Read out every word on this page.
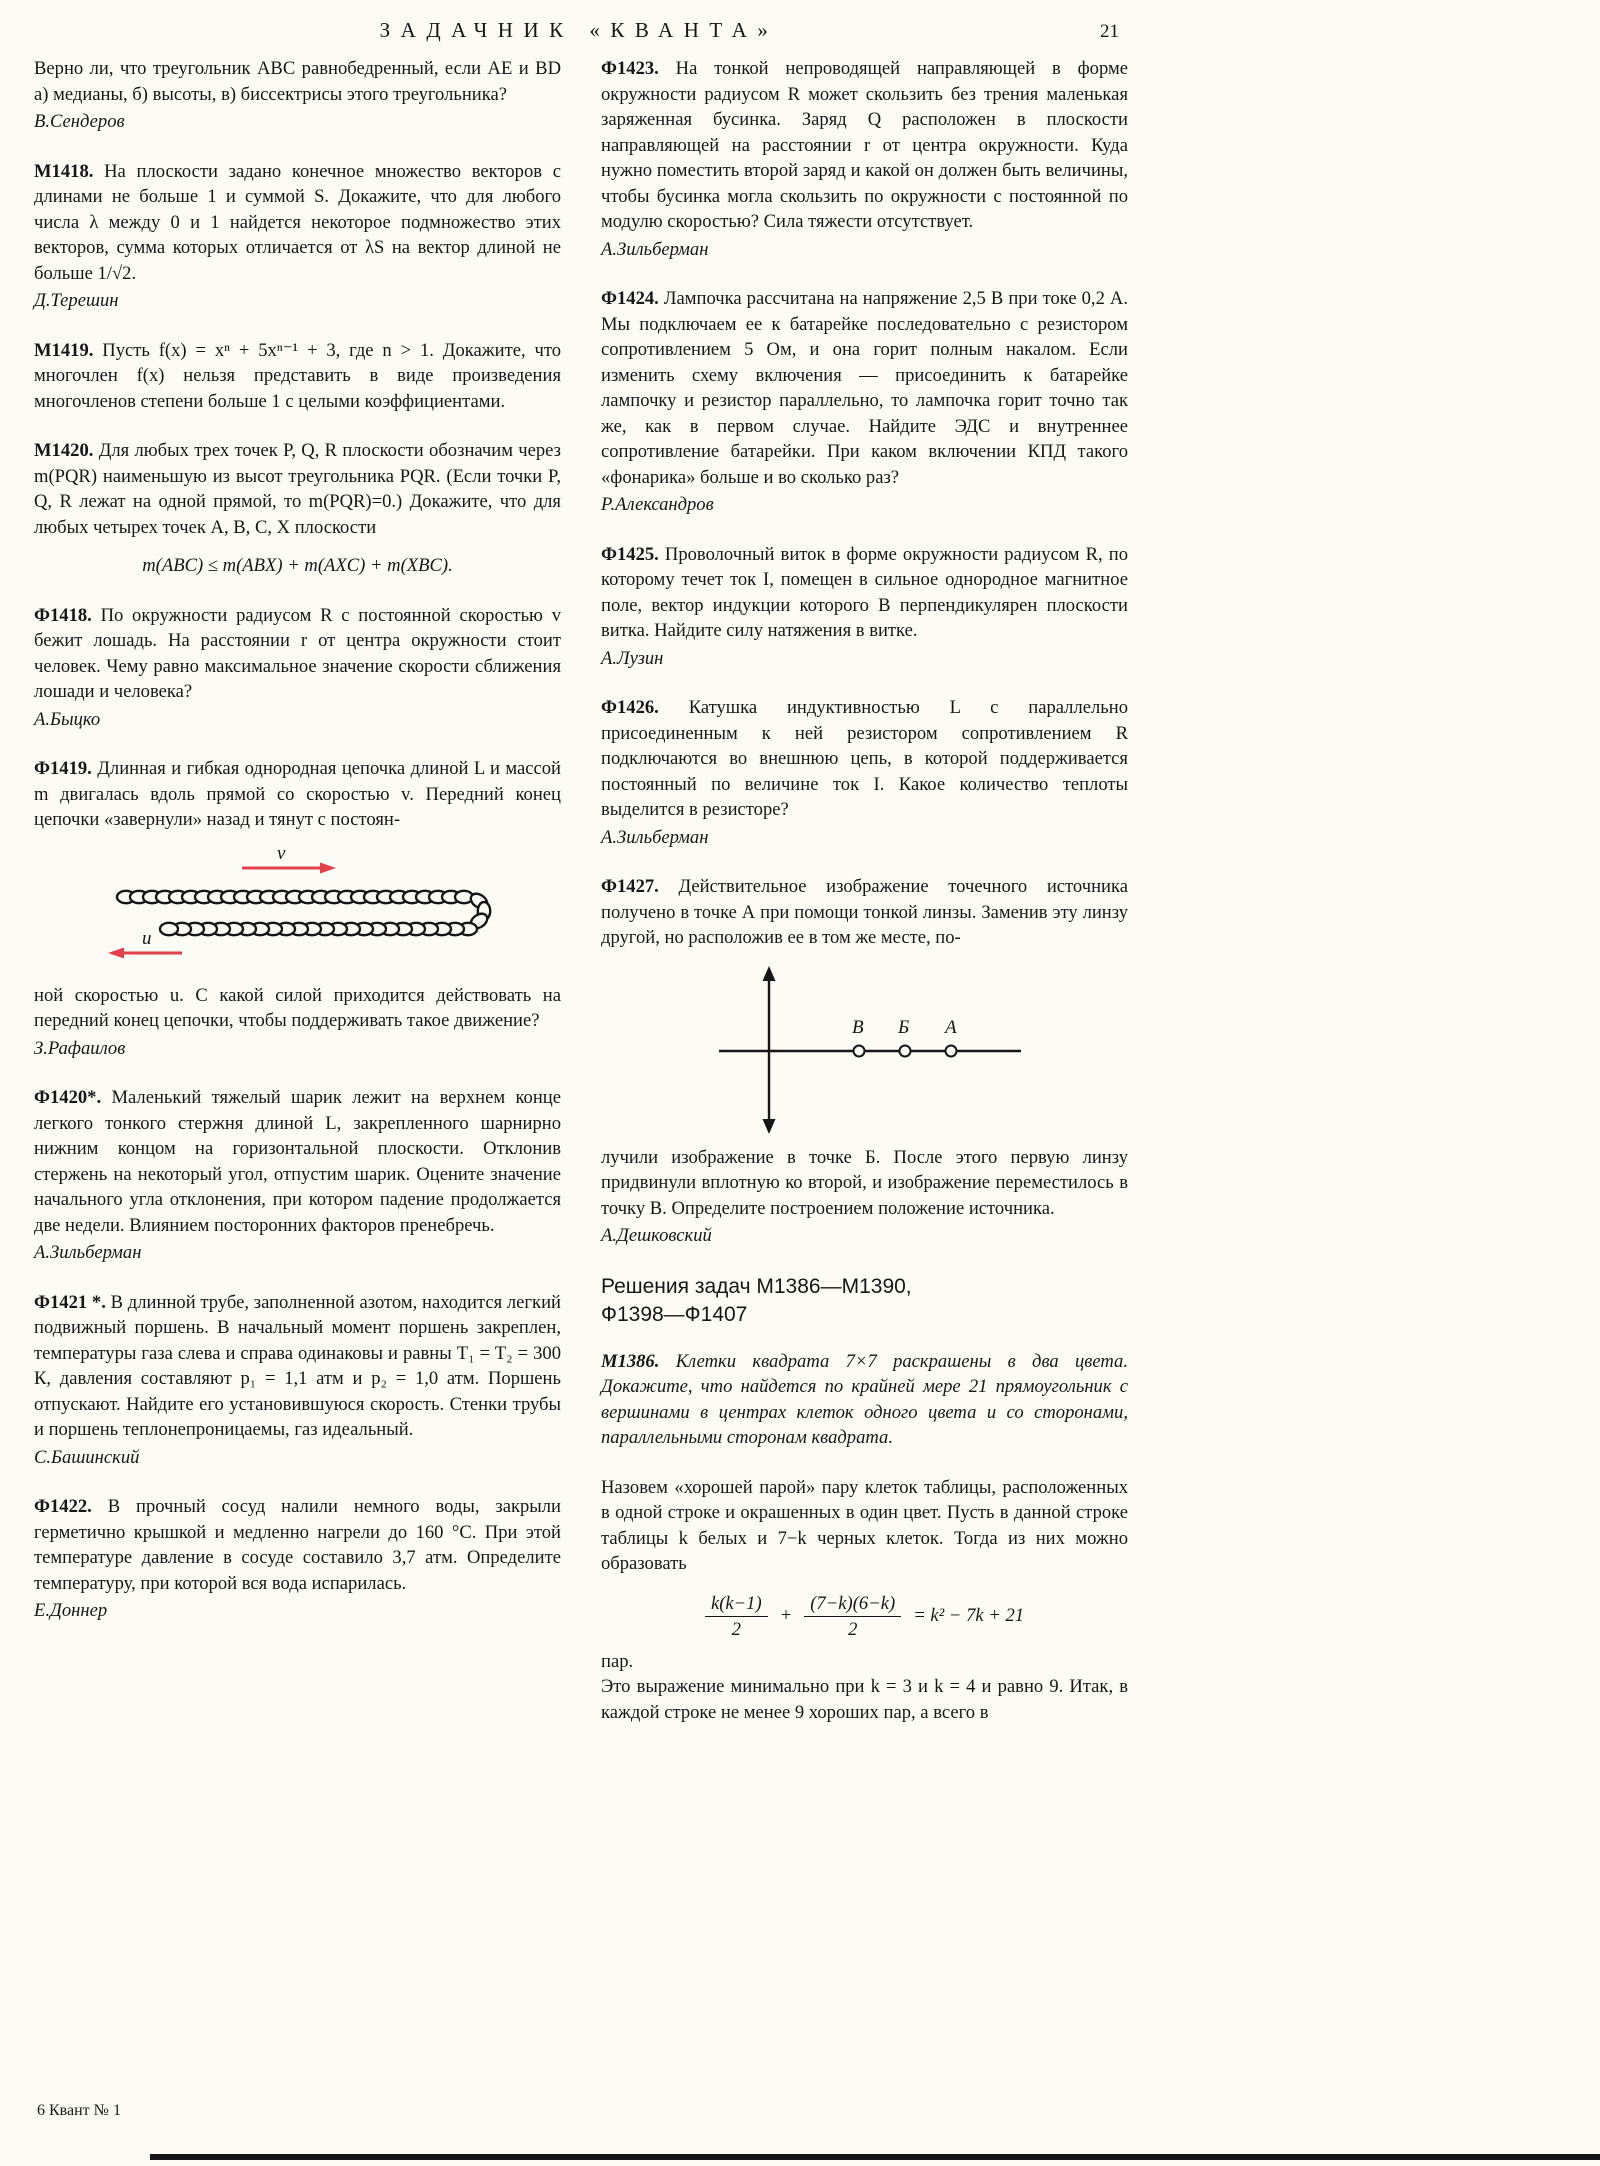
ЗАДАЧНИК «КВАНТА»	21

Верно ли, что треугольник ABC равнобедренный, если AE и BD а) медианы, б) высоты, в) биссектрисы этого треугольника?

В.Сендеров

М1418. На плоскости задано конечное множество векторов с длинами не больше 1 и суммой S. Докажите, что для любого числа λ между 0 и 1 найдется некоторое подмножество этих векторов, сумма которых отличается от λS на вектор длиной не больше 1/√2.

Д.Терешин

М1419. Пусть f(x) = xⁿ + 5xⁿ⁻¹ + 3, где n > 1. Докажите, что многочлен f(x) нельзя представить в виде произведения многочленов степени больше 1 с целыми коэффициентами.

М1420. Для любых трех точек P, Q, R плоскости обозначим через m(PQR) наименьшую из высот треугольника PQR. (Если точки P, Q, R лежат на одной прямой, то m(PQR)=0.) Докажите, что для любых четырех точек A, B, C, X плоскости

m(ABC) ≤ m(ABX) + m(AXC) + m(XBC).

Ф1418. По окружности радиусом R с постоянной скоростью v бежит лошадь. На расстоянии r от центра окружности стоит человек. Чему равно максимальное значение скорости сближения лошади и человека?

А.Быцко

Ф1419. Длинная и гибкая однородная цепочка длиной L и массой m двигалась вдоль прямой со скоростью v. Передний конец цепочки «завернули» назад и тянут с постоян-

v
u

ной скоростью u. С какой силой приходится действовать на передний конец цепочки, чтобы поддерживать такое движение?

З.Рафаилов

Ф1420*. Маленький тяжелый шарик лежит на верхнем конце легкого тонкого стержня длиной L, закрепленного шарнирно нижним концом на горизонтальной плоскости. Отклонив стержень на некоторый угол, отпустим шарик. Оцените значение начального угла отклонения, при котором падение продолжается две недели. Влиянием посторонних факторов пренебречь.

А.Зильберман

Ф1421 *. В длинной трубе, заполненной азотом, находится легкий подвижный поршень. В начальный момент поршень закреплен, температуры газа слева и справа одинаковы и равны T₁ = T₂ = 300 К, давления составляют p₁ = 1,1 атм и p₂ = 1,0 атм. Поршень отпускают. Найдите его установившуюся скорость. Стенки трубы и поршень теплонепроницаемы, газ идеальный.

С.Башинский

Ф1422. В прочный сосуд налили немного воды, закрыли герметично крышкой и медленно нагрели до 160 °C. При этой температуре давление в сосуде составило 3,7 атм. Определите температуру, при которой вся вода испарилась.

Е.Доннер

Ф1423. На тонкой непроводящей направляющей в форме окружности радиусом R может скользить без трения маленькая заряженная бусинка. Заряд Q расположен в плоскости направляющей на расстоянии r от центра окружности. Куда нужно поместить второй заряд и какой он должен быть величины, чтобы бусинка могла скользить по окружности с постоянной по модулю скоростью? Сила тяжести отсутствует.

А.Зильберман

Ф1424. Лампочка рассчитана на напряжение 2,5 В при токе 0,2 А. Мы подключаем ее к батарейке последовательно с резистором сопротивлением 5 Ом, и она горит полным накалом. Если изменить схему включения — присоединить к батарейке лампочку и резистор параллельно, то лампочка горит точно так же, как в первом случае. Найдите ЭДС и внутреннее сопротивление батарейки. При каком включении КПД такого «фонарика» больше и во сколько раз?

Р.Александров

Ф1425. Проволочный виток в форме окружности радиусом R, по которому течет ток I, помещен в сильное однородное магнитное поле, вектор индукции которого B перпендикулярен плоскости витка. Найдите силу натяжения в витке.

А.Лузин

Ф1426. Катушка индуктивностью L с параллельно присоединенным к ней резистором сопротивлением R подключаются во внешнюю цепь, в которой поддерживается постоянный по величине ток I. Какое количество теплоты выделится в резисторе?

А.Зильберман

Ф1427. Действительное изображение точечного источника получено в точке А при помощи тонкой линзы. Заменив эту линзу другой, но расположив ее в том же месте, по-

В Б А

лучили изображение в точке Б. После этого первую линзу придвинули вплотную ко второй, и изображение переместилось в точку В. Определите построением положение источника.

А.Дешковский

Решения задач М1386—М1390,
Ф1398—Ф1407

М1386. Клетки квадрата 7×7 раскрашены в два цвета. Докажите, что найдется по крайней мере 21 прямоугольник с вершинами в центрах клеток одного цвета и со сторонами, параллельными сторонам квадрата.

Назовем «хорошей парой» пару клеток таблицы, расположенных в одной строке и окрашенных в один цвет. Пусть в данной строке таблицы k белых и 7−k черных клеток. Тогда из них можно образовать

$\frac{k(k-1)}{2} + \frac{(7-k)(6-k)}{2} = k^2 - 7k + 21$

пар.

Это выражение минимально при k = 3 и k = 4 и равно 9. Итак, в каждой строке не менее 9 хороших пар, а всего в

6 Квант № 1
